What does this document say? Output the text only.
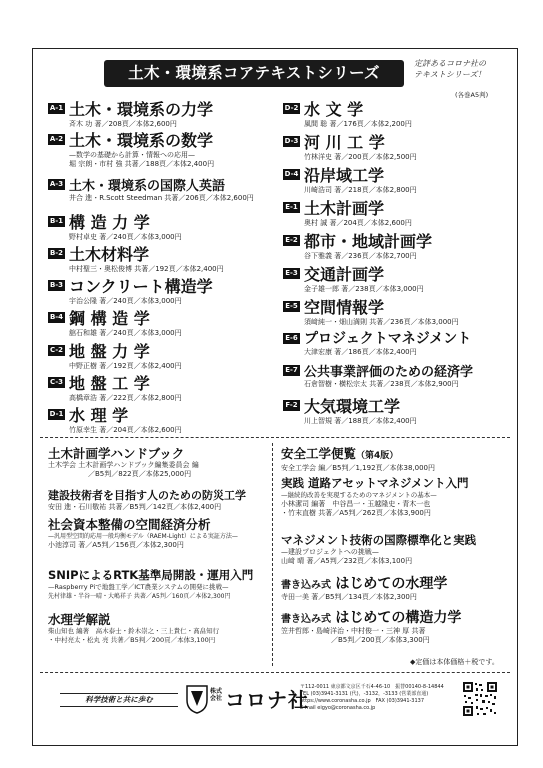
土木・環境系コアテキストシリーズ
定評あるコロナ社の
テキストシリーズ！
(各巻A5判)
A-1 土木・環境系の力学
斉木 功 著／208頁／本体2,600円
A-2 土木・環境系の数学
—数学の基礎から計算・情報への応用—
堀 宗朗・市村 強 共著／188頁／本体2,400円
A-3 土木・環境系の国際人英語
井合 進・R.Scott Steedman 共著／206頁／本体2,600円
B-1 構 造 力 学
野村卓史 著／240頁／本体3,000円
B-2 土木材料学
中村聖三・奥松俊博 共著／192頁／本体2,400円
B-3 コンクリート構造学
宇治公隆 著／240頁／本体3,000円
B-4 鋼 構 造 学
舘石和雄 著／240頁／本体3,000円
C-2 地 盤 力 学
中野正樹 著／192頁／本体2,400円
C-3 地 盤 工 学
高橋章浩 著／222頁／本体2,800円
D-1 水 理 学
竹原幸生 著／204頁／本体2,600円
D-2 水 文 学
風間 聡 著／176頁／本体2,200円
D-3 河 川 工 学
竹林洋史 著／200頁／本体2,500円
D-4 沿岸域工学
川崎浩司 著／218頁／本体2,800円
E-1 土木計画学
奥村 誠 著／204頁／本体2,600円
E-2 都市・地域計画学
谷下雅義 著／236頁／本体2,700円
E-3 交通計画学
金子雄一郎 著／238頁／本体3,000円
E-5 空間情報学
須﨑純一・畑山満則 共著／236頁／本体3,000円
E-6 プロジェクトマネジメント
大津宏康 著／186頁／本体2,400円
E-7 公共事業評価のための経済学
石倉智樹・横松宗太 共著／238頁／本体2,900円
F-2 大気環境工学
川上智規 著／188頁／本体2,400円
土木計画学ハンドブック
土木学会 土木計画学ハンドブック編集委員会 編
／B5判／822頁／本体25,000円
建設技術者を目指す人のための防災工学
安田 進・石川敬祐 共著／B5判／142頁／本体2,400円
社会資本整備の空間経済分析
—汎用型空間的応用一般均衡モデル（RAEM-Light）による実証方法—
小池淳司 著／A5判／156頁／本体2,300円
SNIPによるRTK基準局開設・運用入門
—Raspberry Piで地盤工学／ICT農業システムの開発に挑戦—
先村律雄・半谷一晴・大嶋祥子 共著／A5判／160頁／本体2,300円
水理学解説
柴山知也 編著　高木泰士・鈴木崇之・三上貴仁・髙畠知行
・中村亮太・松丸 亮 共著／B5判／200頁／本体3,100円
安全工学便覧（第4版）
安全工学会 編／B5判／1,192頁／本体38,000円
実践 道路アセットマネジメント入門
—継続的改善を実現するためのマネジメントの基本—
小林潔司 編著　中谷昌一・玉越隆史・青木一也
・竹末直樹 共著／A5判／262頁／本体3,900円
マネジメント技術の国際標準化と実践
—建設プロジェクトへの挑戦—
山﨑 晴 著／A5判／232頁／本体3,100円
書き込み式 はじめての水理学
寺田一美 著／B5判／134頁／本体2,300円
書き込み式 はじめての構造力学
笠井哲郎・島崎洋治・中村俊一・三神 厚 共著
／B5判／200頁／本体3,300円
◆定価は本体価格＋税です。
科学技術と共に歩む
株式会社 コロナ社
〒112-0011 東京都文京区千石4-46-10　振替00140-8-14844
TEL (03)3941-3131 (代)，-3132，-3133 (営業部直通)
https://www.coronasha.co.jp　FAX (03)3941-3137
E-mail eigyo@coronasha.co.jp
